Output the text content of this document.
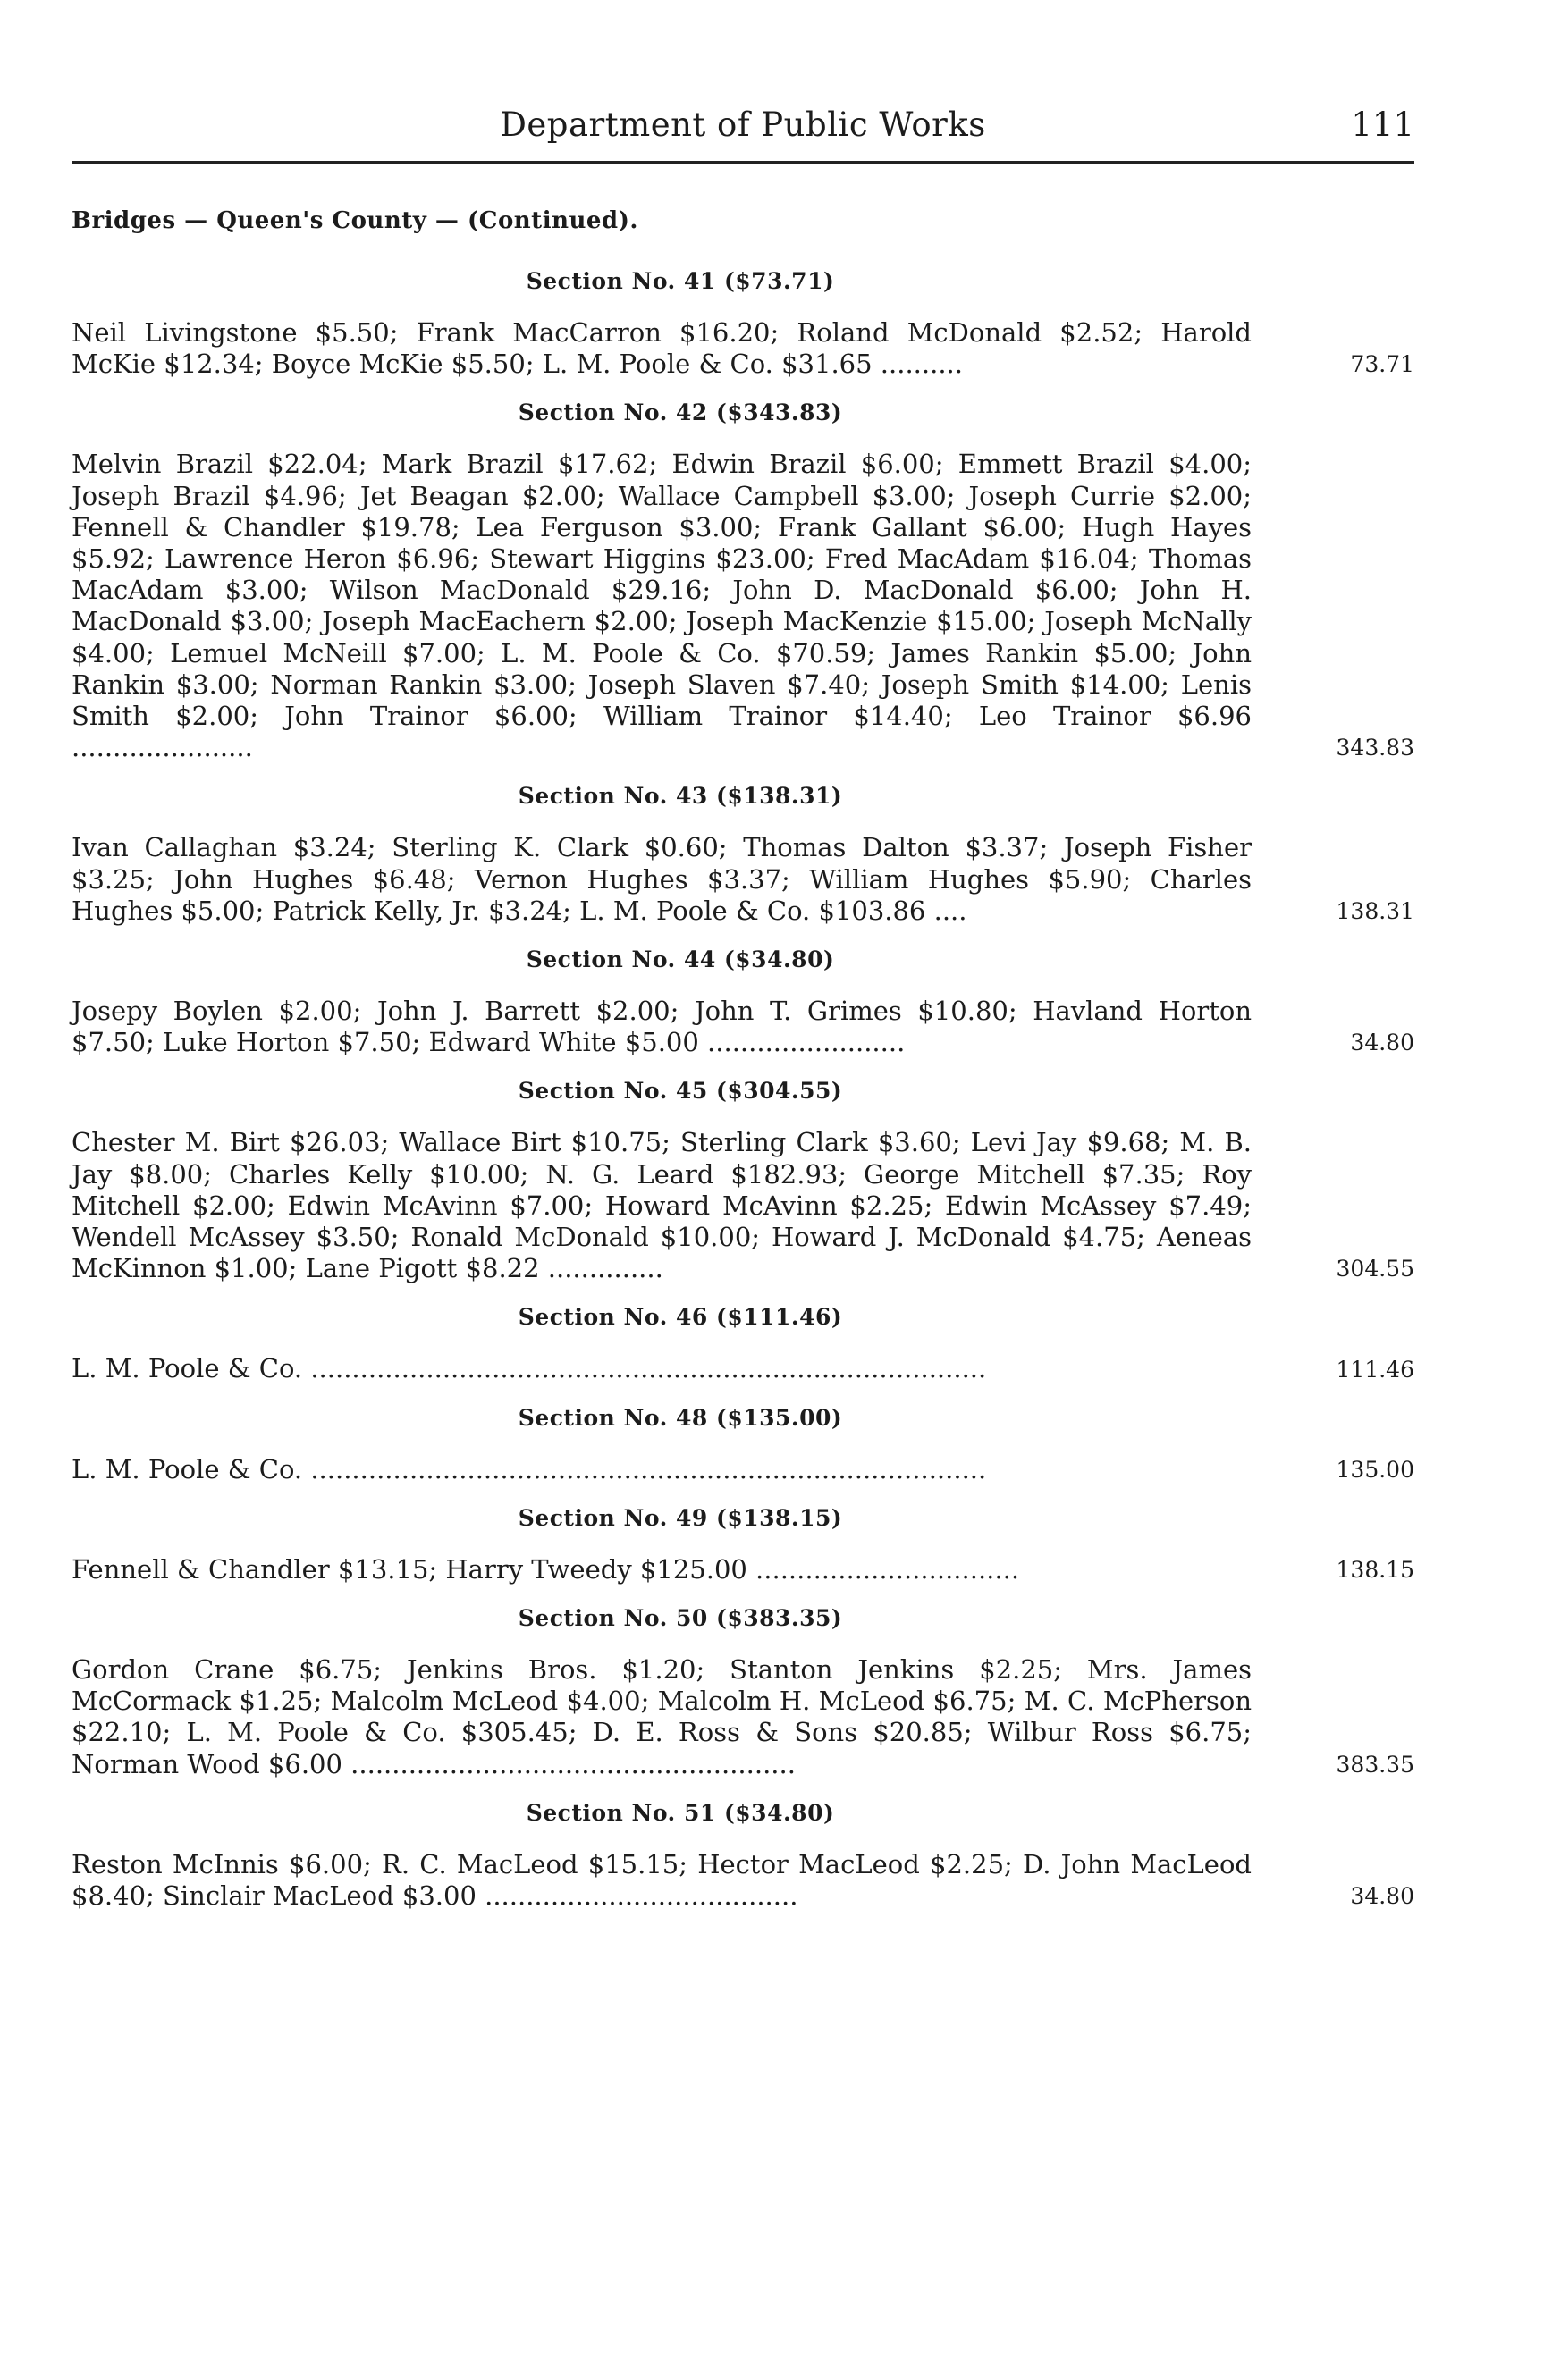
Department of Public Works	111
Bridges — Queen's County — (Continued).
Section No. 41 ($73.71)

Neil Livingstone $5.50; Frank MacCarron $16.20; Roland McDonald $2.52; Harold McKie $12.34; Boyce McKie $5.50; L. M. Poole & Co. $31.65 ..........	73.71
Section No. 42 ($343.83)

Melvin Brazil $22.04; Mark Brazil $17.62; Edwin Brazil $6.00; Emmett Brazil $4.00; Joseph Brazil $4.96; Jet Beagan $2.00; Wallace Campbell $3.00; Joseph Currie $2.00; Fennell & Chandler $19.78; Lea Ferguson $3.00; Frank Gallant $6.00; Hugh Hayes $5.92; Lawrence Heron $6.96; Stewart Higgins $23.00; Fred MacAdam $16.04; Thomas MacAdam $3.00; Wilson MacDonald $29.16; John D. MacDonald $6.00; John H. MacDonald $3.00; Joseph MacEachern $2.00; Joseph MacKenzie $15.00; Joseph McNally $4.00; Lemuel McNeill $7.00; L. M. Poole & Co. $70.59; James Rankin $5.00; John Rankin $3.00; Norman Rankin $3.00; Joseph Slaven $7.40; Joseph Smith $14.00; Lenis Smith $2.00; John Trainor $6.00; William Trainor $14.40; Leo Trainor $6.96 ......................	343.83
Section No. 43 ($138.31)

Ivan Callaghan $3.24; Sterling K. Clark $0.60; Thomas Dalton $3.37; Joseph Fisher $3.25; John Hughes $6.48; Vernon Hughes $3.37; William Hughes $5.90; Charles Hughes $5.00; Patrick Kelly, Jr. $3.24; L. M. Poole & Co. $103.86 ....	138.31
Section No. 44 ($34.80)

Josepy Boylen $2.00; John J. Barrett $2.00; John T. Grimes $10.80; Havland Horton $7.50; Luke Horton $7.50; Edward White $5.00 ........................	34.80
Section No. 45 ($304.55)

Chester M. Birt $26.03; Wallace Birt $10.75; Sterling Clark $3.60; Levi Jay $9.68; M. B. Jay $8.00; Charles Kelly $10.00; N. G. Leard $182.93; George Mitchell $7.35; Roy Mitchell $2.00; Edwin McAvinn $7.00; Howard McAvinn $2.25; Edwin McAssey $7.49; Wendell McAssey $3.50; Ronald McDonald $10.00; Howard J. McDonald $4.75; Aeneas McKinnon $1.00; Lane Pigott $8.22 ..............	304.55
Section No. 46 ($111.46)

L. M. Poole & Co. ..................................................................................	111.46
Section No. 48 ($135.00)

L. M. Poole & Co. ..................................................................................	135.00
Section No. 49 ($138.15)

Fennell & Chandler $13.15; Harry Tweedy $125.00 ................................	138.15
Section No. 50 ($383.35)

Gordon Crane $6.75; Jenkins Bros. $1.20; Stanton Jenkins $2.25; Mrs. James McCormack $1.25; Malcolm McLeod $4.00; Malcolm H. McLeod $6.75; M. C. McPherson $22.10; L. M. Poole & Co. $305.45; D. E. Ross & Sons $20.85; Wilbur Ross $6.75; Norman Wood $6.00 ......................................................	383.35
Section No. 51 ($34.80)

Reston McInnis $6.00; R. C. MacLeod $15.15; Hector MacLeod $2.25; D. John MacLeod $8.40; Sinclair MacLeod $3.00 ......................................	34.80
